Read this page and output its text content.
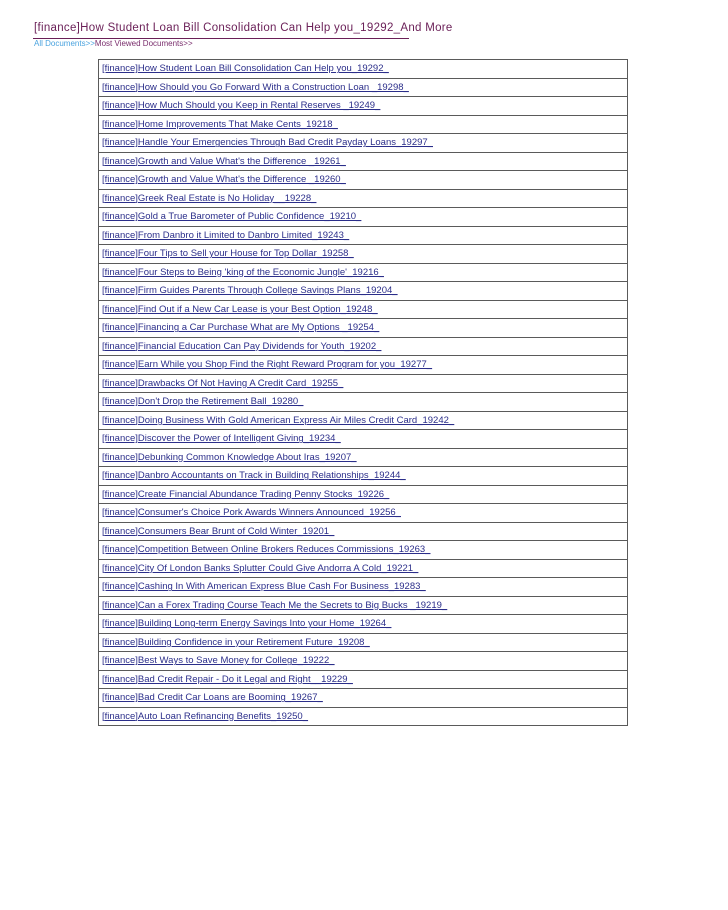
[finance]How Student Loan Bill Consolidation Can Help you_19292_And More
All Documents>>Most Viewed Documents>>
[finance]How Student Loan Bill Consolidation Can Help you_19292_
[finance]How Should you Go Forward With a Construction Loan _19298_
[finance]How Much Should you Keep in Rental Reserves _19249_
[finance]Home Improvements That Make Cents_19218_
[finance]Handle Your Emergencies Through Bad Credit Payday Loans_19297_
[finance]Growth and Value What's the Difference _19261_
[finance]Growth and Value What's the Difference _19260_
[finance]Greek Real Estate is No Holiday__19228_
[finance]Gold a True Barometer of Public Confidence_19210_
[finance]From Danbro it Limited to Danbro Limited_19243_
[finance]Four Tips to Sell your House for Top Dollar_19258_
[finance]Four Steps to Being 'king of the Economic Jungle'_19216_
[finance]Firm Guides Parents Through College Savings Plans_19204_
[finance]Find Out if a New Car Lease is your Best Option_19248_
[finance]Financing a Car Purchase What are My Options _19254_
[finance]Financial Education Can Pay Dividends for Youth_19202_
[finance]Earn While you Shop Find the Right Reward Program for you_19277_
[finance]Drawbacks Of Not Having A Credit Card_19255_
[finance]Don't Drop the Retirement Ball_19280_
[finance]Doing Business With Gold American Express Air Miles Credit Card_19242_
[finance]Discover the Power of Intelligent Giving_19234_
[finance]Debunking Common Knowledge About Iras_19207_
[finance]Danbro Accountants on Track in Building Relationships_19244_
[finance]Create Financial Abundance Trading Penny Stocks_19226_
[finance]Consumer's Choice Pork Awards Winners Announced_19256_
[finance]Consumers Bear Brunt of Cold Winter_19201_
[finance]Competition Between Online Brokers Reduces Commissions_19263_
[finance]City Of London Banks Splutter Could Give Andorra A Cold_19221_
[finance]Cashing In With American Express Blue Cash For Business_19283_
[finance]Can a Forex Trading Course Teach Me the Secrets to Big Bucks _19219_
[finance]Building Long-term Energy Savings Into your Home_19264_
[finance]Building Confidence in your Retirement Future_19208_
[finance]Best Ways to Save Money for College_19222_
[finance]Bad Credit Repair - Do it Legal and Right__19229_
[finance]Bad Credit Car Loans are Booming_19267_
[finance]Auto Loan Refinancing Benefits_19250_
